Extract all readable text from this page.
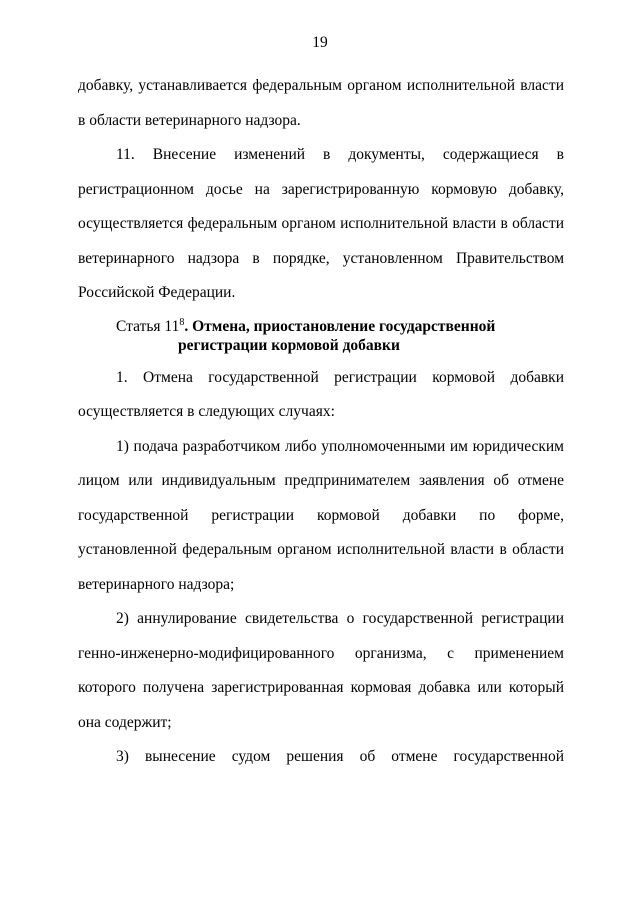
19

добавку, устанавливается федеральным органом исполнительной власти в области ветеринарного надзора.

11. Внесение изменений в документы, содержащиеся в регистрационном досье на зарегистрированную кормовую добавку, осуществляется федеральным органом исполнительной власти в области ветеринарного надзора в порядке, установленном Правительством Российской Федерации.

Статья $11^8$. Отмена, приостановление государственной
регистрации кормовой добавки

1. Отмена государственной регистрации кормовой добавки осуществляется в следующих случаях:

1) подача разработчиком либо уполномоченными им юридическим лицом или индивидуальным предпринимателем заявления об отмене государственной регистрации кормовой добавки по форме, установленной федеральным органом исполнительной власти в области ветеринарного надзора;

2) аннулирование свидетельства о государственной регистрации генно-инженерно-модифицированного организма, с применением которого получена зарегистрированная кормовая добавка или который она содержит;

3) вынесение судом решения об отмене государственной
